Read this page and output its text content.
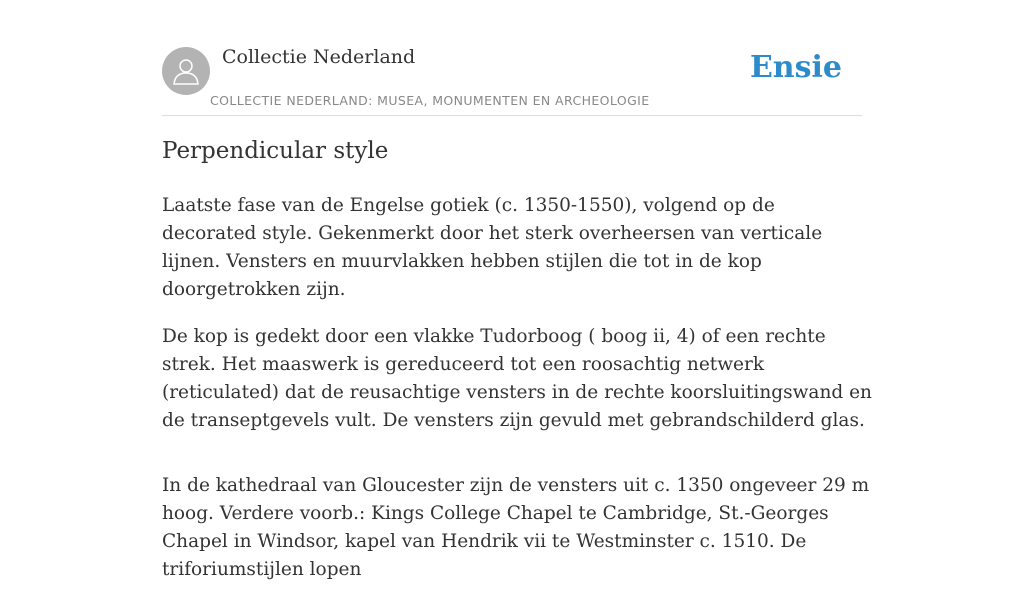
Collectie Nederland
COLLECTIE NEDERLAND: MUSEA, MONUMENTEN EN ARCHEOLOGIE
Ensie
Perpendicular style

Laatste fase van de Engelse gotiek (c. 1350-1550), volgend op de decorated style. Gekenmerkt door het sterk overheersen van verticale lijnen. Vensters en muurvlakken hebben stijlen die tot in de kop doorgetrokken zijn.

De kop is gedekt door een vlakke Tudorboog ( boog ii, 4) of een rechte strek. Het maaswerk is gereduceerd tot een roosachtig netwerk (reticulated) dat de reusachtige vensters in de rechte koorsluitingswand en de transeptgevels vult. De vensters zijn gevuld met gebrandschilderd glas.

In de kathedraal van Gloucester zijn de vensters uit c. 1350 ongeveer 29 m hoog. Verdere voorb.: Kings College Chapel te Cambridge, St.-Georges Chapel in Windsor, kapel van Hendrik vii te Westminster c. 1510. De triforiumstijlen lopen
